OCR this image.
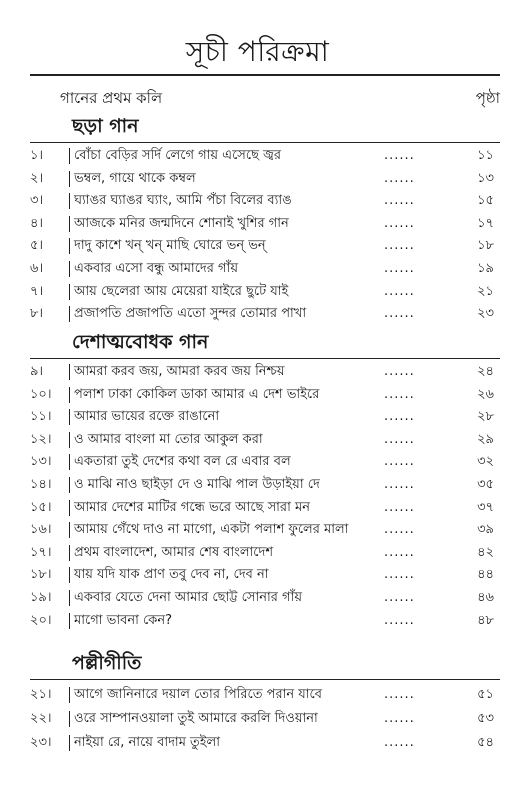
সূচী পরিক্রমা
গানের প্রথম কলি	পৃষ্ঠা
ছড়া গান
১।	বোঁচা বেড়ির সর্দি লেগে গায় এসেছে জ্বর	......	১১
২।	ভম্বল, গায়ে থাকে কম্বল	......	১৩
৩।	ঘ্যাঙর ঘ্যাঙর ঘ্যাং, আমি পঁচা বিলের ব্যাঙ	......	১৫
৪।	আজকে মনির জন্মদিনে শোনাই খুশির গান	......	১৭
৫।	দাদু কাশে খন্‌ খন্‌ মাছি ঘোরে ভন্‌ ভন্‌	......	১৮
৬।	একবার এসো বন্ধু আমাদের গাঁয়	......	১৯
৭।	আয় ছেলেরা আয় মেয়েরা যাইরে ছুটে যাই	......	২১
৮।	প্রজাপতি প্রজাপতি এতো সুন্দর তোমার পাখা	......	২৩
দেশাত্মবোধক গান
৯।	আমরা করব জয়, আমরা করব জয় নিশ্চয়	......	২৪
১০।	পলাশ ঢাকা কোকিল ডাকা আমার এ দেশ ভাইরে	......	২৬
১১।	আমার ভায়ের রক্তে রাঙানো	......	২৮
১২।	ও আমার বাংলা মা তোর আকুল করা	......	২৯
১৩।	একতারা তুই দেশের কথা বল রে এবার বল	......	৩২
১৪।	ও মাঝি নাও ছাইড়া দে ও মাঝি পাল উড়াইয়া দে	......	৩৫
১৫।	আমার দেশের মাটির গন্ধে ভরে আছে সারা মন	......	৩৭
১৬।	আমায় গেঁথে দাও না মাগো, একটা পলাশ ফুলের মালা	......	৩৯
১৭।	প্রথম বাংলাদেশ, আমার শেষ বাংলাদেশ	......	৪২
১৮।	যায় যদি যাক প্রাণ তবু দেব না, দেব না	......	৪৪
১৯।	একবার যেতে দেনা আমার ছোট্ট সোনার গাঁয়	......	৪৬
২০।	মাগো ভাবনা কেন?	......	৪৮
পল্লীগীতি
২১।	আগে জানিনারে দয়াল তোর পিরিতে পরান যাবে	......	৫১
২২।	ওরে সাম্পানওয়ালা তুই আমারে করলি দিওয়ানা	......	৫৩
২৩।	নাইয়া রে, নায়ে বাদাম তুইলা	......	৫৪
